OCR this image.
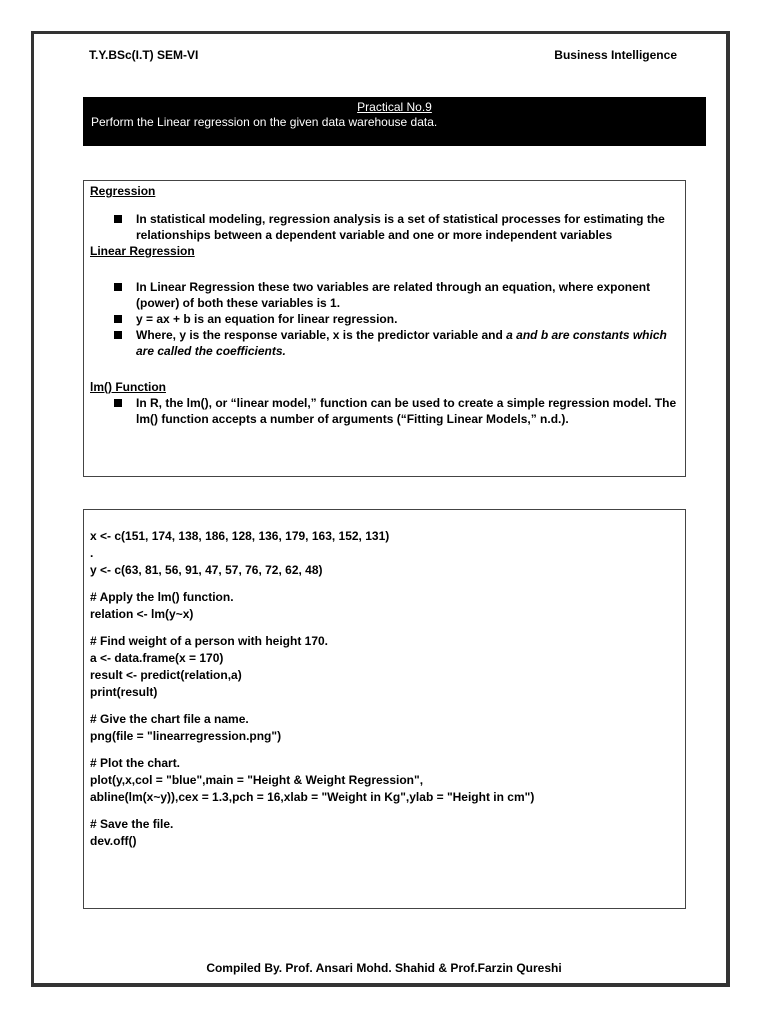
T.Y.BSc(I.T) SEM-VI	Business Intelligence
Practical No.9
Perform the Linear regression on the given data warehouse data.

Regression

In statistical modeling, regression analysis is a set of statistical processes for estimating the relationships between a dependent variable and one or more independent variables

Linear Regression

In Linear Regression these two variables are related through an equation, where exponent (power) of both these variables is 1.
y = ax + b is an equation for linear regression.
Where, y is the response variable, x is the predictor variable and a and b are constants which are called the coefficients.

lm() Function

In R, the lm(), or “linear model,” function can be used to create a simple regression model. The lm() function accepts a number of arguments (“Fitting Linear Models,” n.d.).
x <- c(151, 174, 138, 186, 128, 136, 179, 163, 152, 131)
.
y <- c(63, 81, 56, 91, 47, 57, 76, 72, 62, 48)
# Apply the lm() function.
relation <- lm(y~x)
# Find weight of a person with height 170.
a <- data.frame(x = 170)
result <- predict(relation,a)
print(result)
# Give the chart file a name.
png(file = "linearregression.png")
# Plot the chart.
plot(y,x,col = "blue",main = "Height & Weight Regression",
abline(lm(x~y)),cex = 1.3,pch = 16,xlab = "Weight in Kg",ylab = "Height in cm")
# Save the file.
dev.off()
Compiled By. Prof. Ansari Mohd. Shahid & Prof.Farzin Qureshi
